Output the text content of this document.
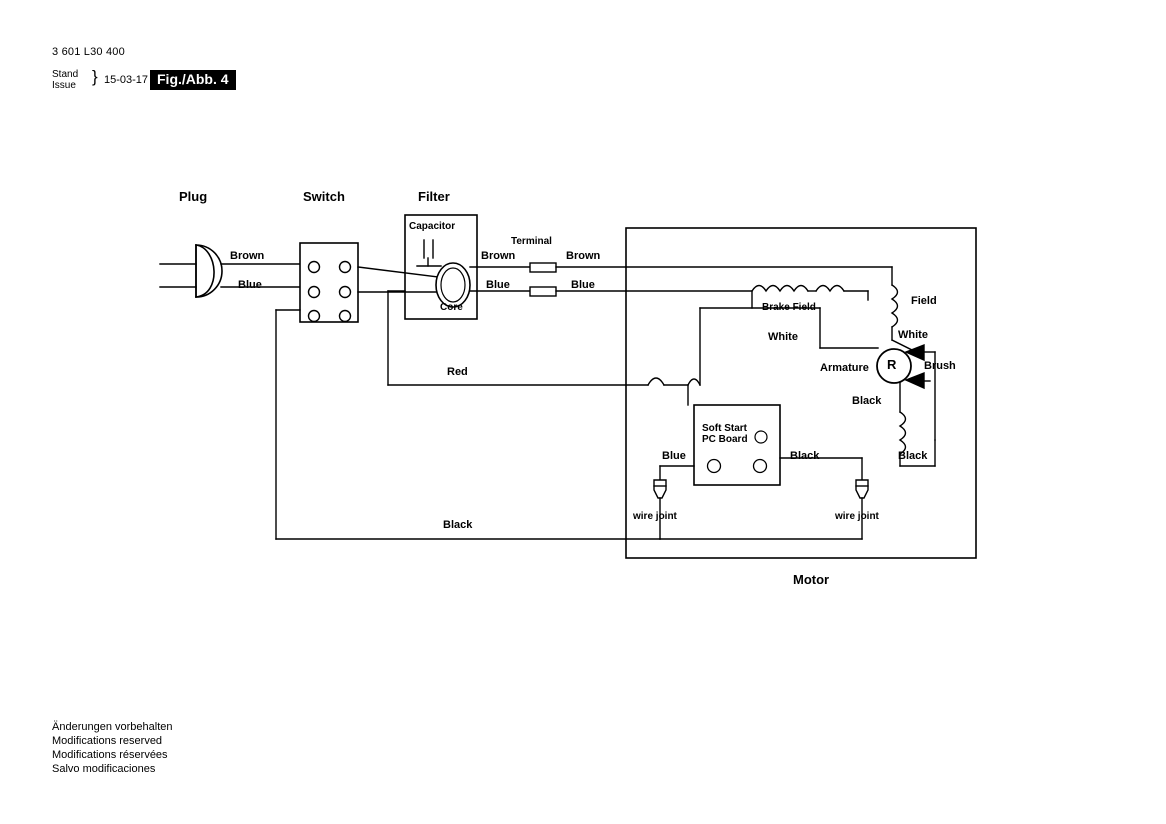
3 601 L30 400
Stand
Issue } 15-03-17 Fig./Abb. 4
Plug	Switch	Filter
Motor
Capacitor
Core
Terminal
Brown
Blue
Brown
Blue
Brown
Blue
Red
Black
Brake Field
Field
White	White
Armature	Brush
Black
Soft Start
PC Board
Blue	Black	Black
wire joint	wire joint
R
Änderungen vorbehalten
Modifications reserved
Modifications réservées
Salvo modificaciones
